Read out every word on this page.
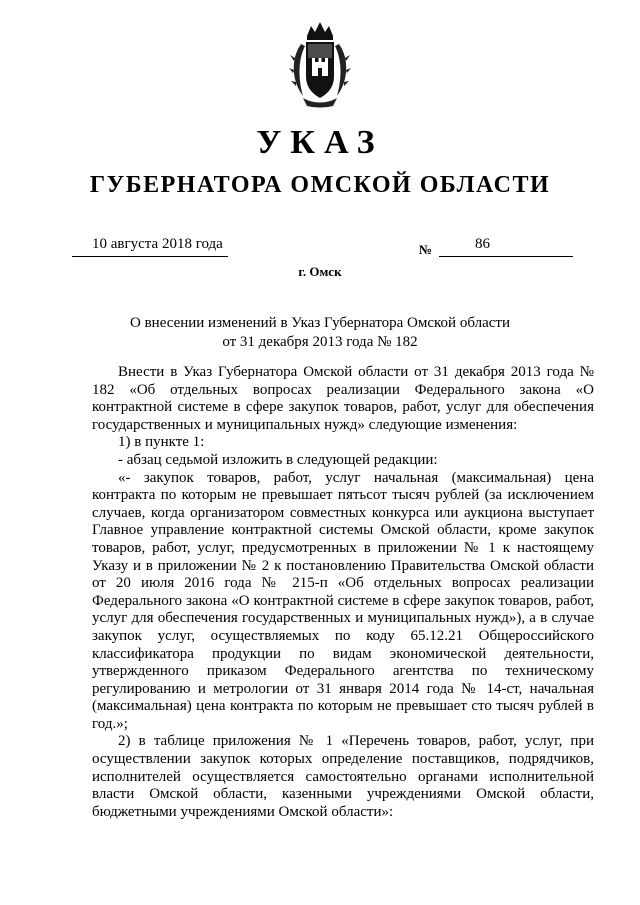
УКАЗ
ГУБЕРНАТОРА ОМСКОЙ ОБЛАСТИ
10 августа 2018 года	№	86
г. Омск
О внесении изменений в Указ Губернатора Омской области
от 31 декабря 2013 года № 182

Внести в Указ Губернатора Омской области от 31 декабря 2013 года № 182 «Об отдельных вопросах реализации Федерального закона «О контрактной системе в сфере закупок товаров, работ, услуг для обеспечения государственных и муниципальных нужд» следующие изменения:

1) в пункте 1:

- абзац седьмой изложить в следующей редакции:

«- закупок товаров, работ, услуг начальная (максимальная) цена контракта по которым не превышает пятьсот тысяч рублей (за исключением случаев, когда организатором совместных конкурса или аукциона выступает Главное управление контрактной системы Омской области, кроме закупок товаров, работ, услуг, предусмотренных в приложении № 1 к настоящему Указу и в приложении № 2 к постановлению Правительства Омской области от 20 июля 2016 года № 215-п «Об отдельных вопросах реализации Федерального закона «О контрактной системе в сфере закупок товаров, работ, услуг для обеспечения государственных и муниципальных нужд»), а в случае закупок услуг, осуществляемых по коду 65.12.21 Общероссийского классификатора продукции по видам экономической деятельности, утвержденного приказом Федерального агентства по техническому регулированию и метрологии от 31 января 2014 года № 14-ст, начальная (максимальная) цена контракта по которым не превышает сто тысяч рублей в год.»;

2) в таблице приложения № 1 «Перечень товаров, работ, услуг, при осуществлении закупок которых определение поставщиков, подрядчиков, исполнителей осуществляется самостоятельно органами исполнительной власти Омской области, казенными учреждениями Омской области, бюджетными учреждениями Омской области»:
